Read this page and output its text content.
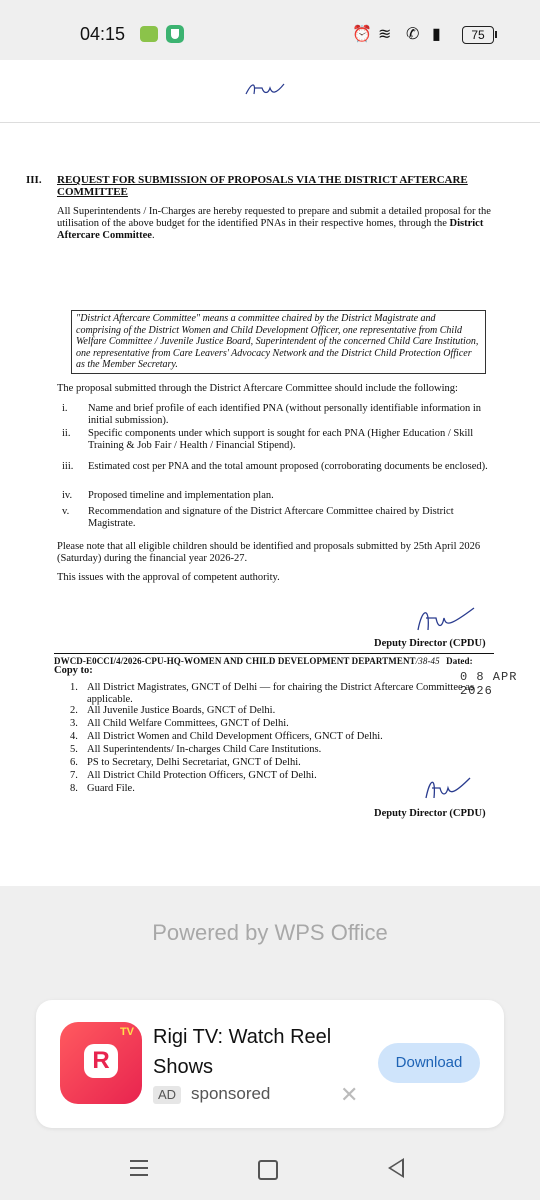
04:15	⏰ ≋ ✆ ▮	75
III. REQUEST FOR SUBMISSION OF PROPOSALS VIA THE DISTRICT AFTERCARE COMMITTEE
All Superintendents / In-Charges are hereby requested to prepare and submit a detailed proposal for the utilisation of the above budget for the identified PNAs in their respective homes, through the District Aftercare Committee.
"District Aftercare Committee" means a committee chaired by the District Magistrate and comprising of the District Women and Child Development Officer, one representative from Child Welfare Committee / Juvenile Justice Board, Superintendent of the concerned Child Care Institution, one representative from Care Leavers' Advocacy Network and the District Child Protection Officer as the Member Secretary.
The proposal submitted through the District Aftercare Committee should include the following:
i.	Name and brief profile of each identified PNA (without personally identifiable information in initial submission).
ii.	Specific components under which support is sought for each PNA (Higher Education / Skill Training & Job Fair / Health / Financial Stipend).
iii.	Estimated cost per PNA and the total amount proposed (corroborating documents be enclosed).
iv.	Proposed timeline and implementation plan.
v.	Recommendation and signature of the District Aftercare Committee chaired by District Magistrate.
Please note that all eligible children should be identified and proposals submitted by 25th April 2026 (Saturday) during the financial year 2026-27.
This issues with the approval of competent authority.
Deputy Director (CPDU)
DWCD-E0CCI/4/2026-CPU-HQ-WOMEN AND CHILD DEVELOPMENT DEPARTMENT/38-45 Dated:
0 8 APR 2026
Copy to:
1. All District Magistrates, GNCT of Delhi — for chairing the District Aftercare Committee as applicable.
2. All Juvenile Justice Boards, GNCT of Delhi.
3. All Child Welfare Committees, GNCT of Delhi.
4. All District Women and Child Development Officers, GNCT of Delhi.
5. All Superintendents/ In-charges Child Care Institutions.
6. PS to Secretary, Delhi Secretariat, GNCT of Delhi.
7. All District Child Protection Officers, GNCT of Delhi.
8. Guard File.
Deputy Director (CPDU)
Powered by WPS Office
TV
R
Rigi TV: Watch Reel Shows
AD sponsored	✕
Download
